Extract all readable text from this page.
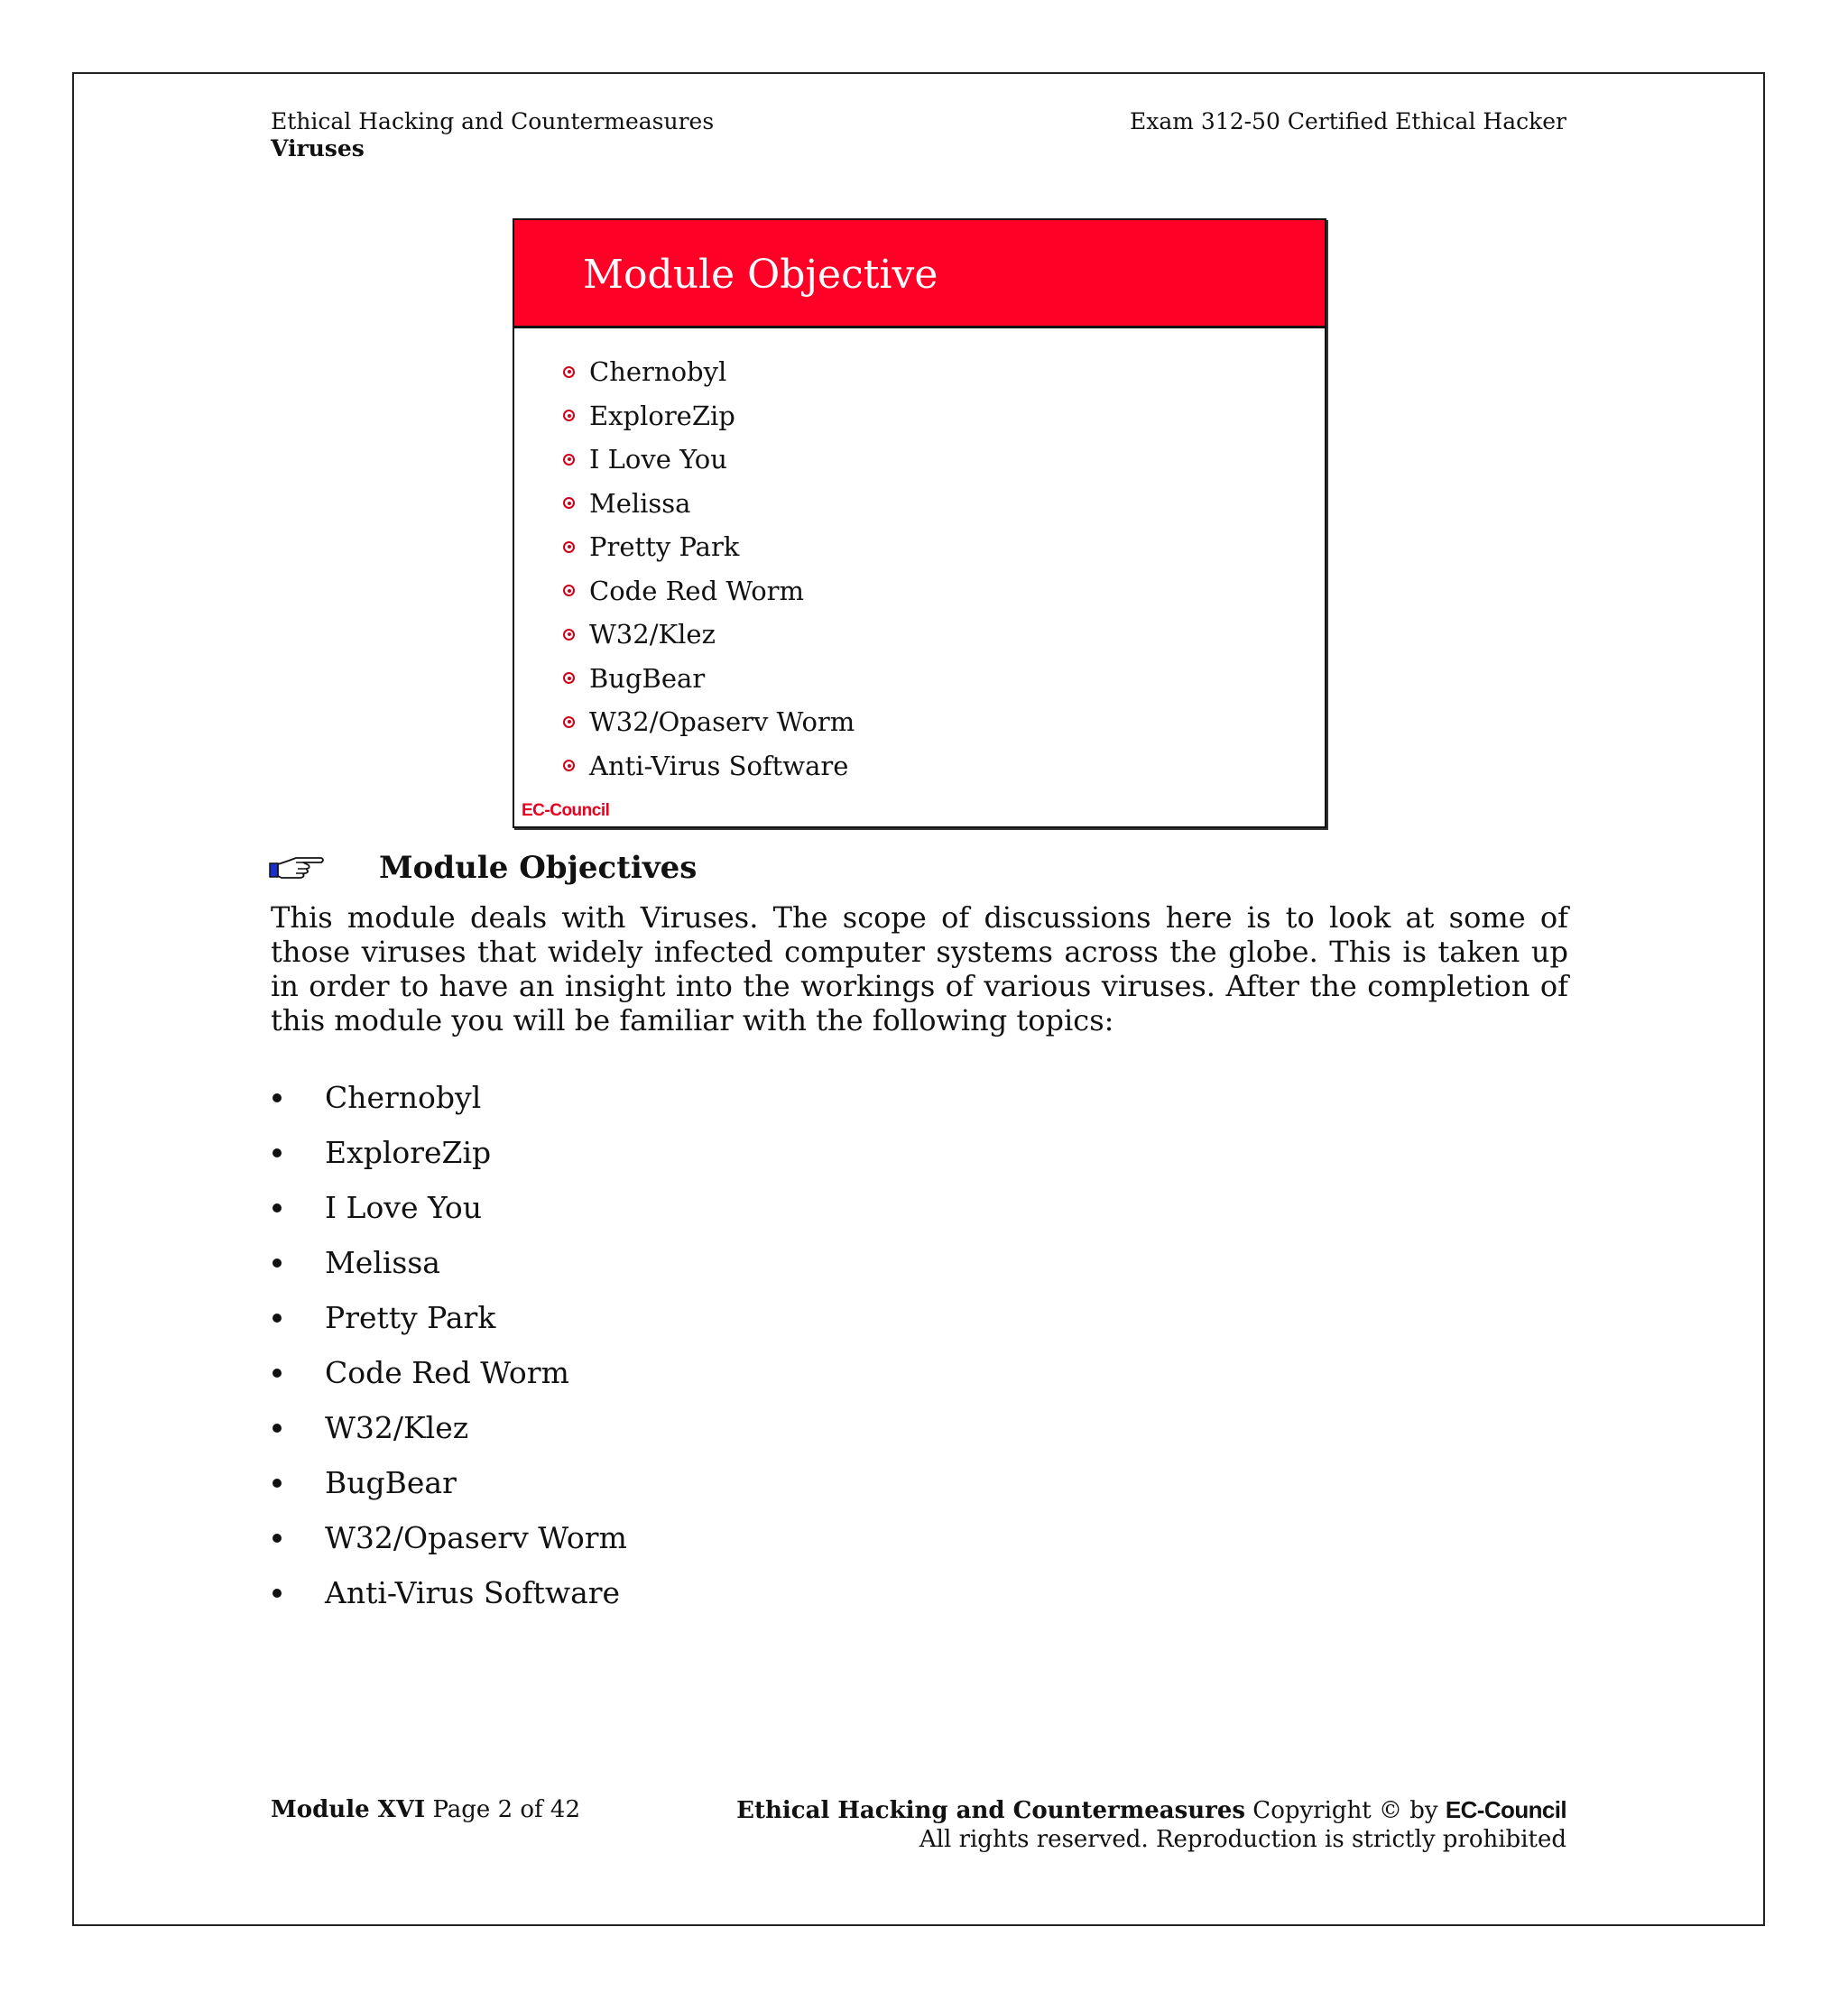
Ethical Hacking and Countermeasures
Viruses
Exam 312-50 Certified Ethical Hacker
Module Objective
Chernobyl
ExploreZip
I Love You
Melissa
Pretty Park
Code Red Worm
W32/Klez
BugBear
W32/Opaserv Worm
Anti-Virus Software
EC-Council
Module Objectives

This module deals with Viruses. The scope of discussions here is to look at some of those viruses that widely infected computer systems across the globe. This is taken up in order to have an insight into the workings of various viruses. After the completion of this module you will be familiar with the following topics:

Chernobyl
ExploreZip
I Love You
Melissa
Pretty Park
Code Red Worm
W32/Klez
BugBear
W32/Opaserv Worm
Anti-Virus Software
Module XVI Page 2 of 42	Ethical Hacking and Countermeasures Copyright © by EC-Council
All rights reserved. Reproduction is strictly prohibited
